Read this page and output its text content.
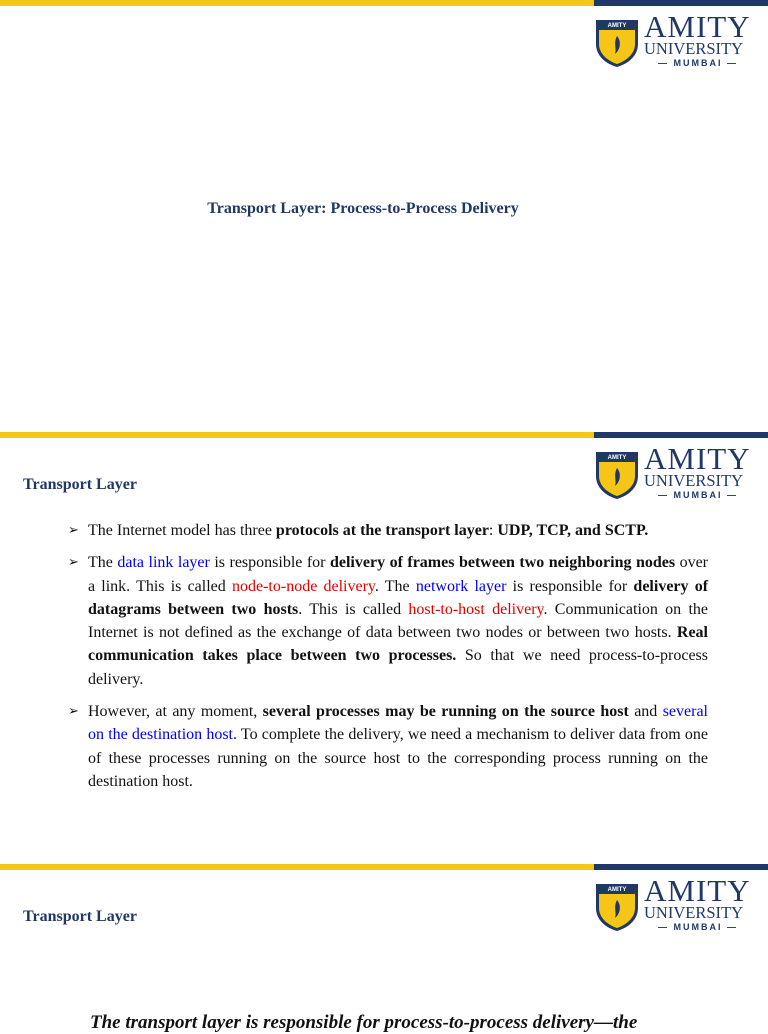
AMITY AMITY
UNIVERSITY
— MUMBAI —
Transport Layer: Process-to-Process Delivery
AMITY AMITY
UNIVERSITY
— MUMBAI —
Transport Layer
➢ The Internet model has three protocols at the transport layer: UDP, TCP, and SCTP.
➢ The data link layer is responsible for delivery of frames between two neighboring nodes over a link. This is called node-to-node delivery. The network layer is responsible for delivery of datagrams between two hosts. This is called host-to-host delivery. Communication on the Internet is not defined as the exchange of data between two nodes or between two hosts. Real communication takes place between two processes. So that we need process-to-process delivery.
➢ However, at any moment, several processes may be running on the source host and several on the destination host. To complete the delivery, we need a mechanism to deliver data from one of these processes running on the source host to the corresponding process running on the destination host.
AMITY AMITY
UNIVERSITY
— MUMBAI —
Transport Layer
The transport layer is responsible for process-to-process delivery—the
